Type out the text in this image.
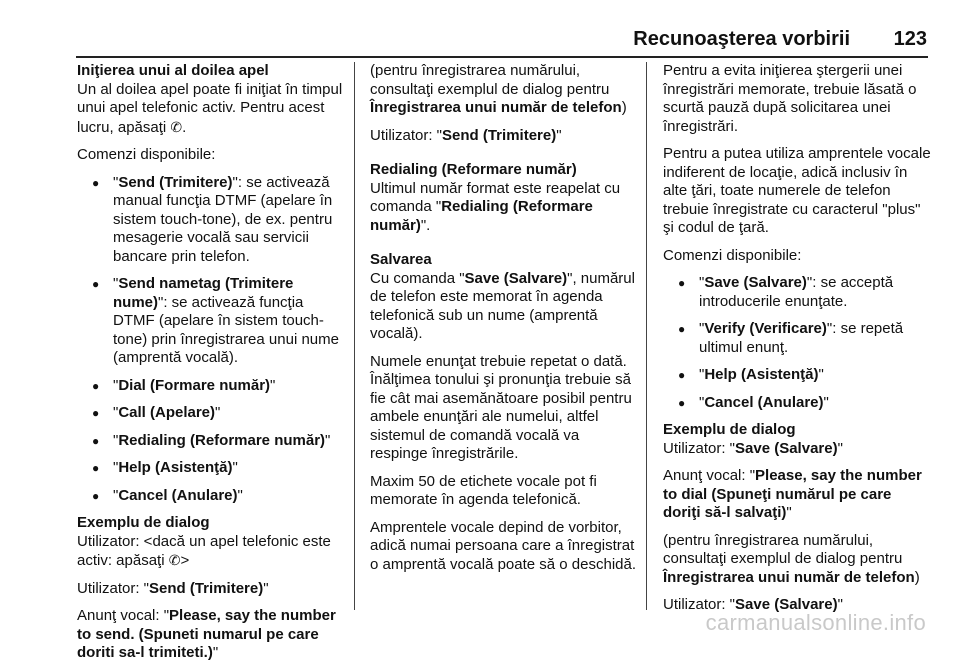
Recunoaşterea vorbirii 123
Iniţierea unui al doilea apel

Un al doilea apel poate fi iniţiat în timpul unui apel telefonic activ. Pentru acest lucru, apăsaţi ✆.

Comenzi disponibile:

● "Send (Trimitere)": se activează manual funcţia DTMF (apelare în sistem touch-tone), de ex. pentru mesagerie vocală sau servicii bancare prin telefon.
● "Send nametag (Trimitere nume)": se activează funcţia DTMF (apelare în sistem touch-tone) prin înregistrarea unui nume (amprentă vocală).
● "Dial (Formare număr)"
● "Call (Apelare)"
● "Redialing (Reformare număr)"
● "Help (Asistenţă)"
● "Cancel (Anulare)"
Exemplu de dialog

Utilizator: <dacă un apel telefonic este activ: apăsaţi ✆>

Utilizator: "Send (Trimitere)"

Anunţ vocal: "Please, say the number to send. (Spuneti numarul pe care doriti sa-l trimiteti.)"

(pentru înregistrarea numărului, consultaţi exemplul de dialog pentru Înregistrarea unui număr de telefon)

Utilizator: "Send (Trimitere)"

Redialing (Reformare număr)

Ultimul număr format este reapelat cu comanda "Redialing (Reformare număr)".

Salvarea

Cu comanda "Save (Salvare)", numărul de telefon este memorat în agenda telefonică sub un nume (amprentă vocală).

Numele enunţat trebuie repetat o dată. Înălţimea tonului şi pronunţia trebuie să fie cât mai asemănătoare posibil pentru ambele enunţări ale numelui, altfel sistemul de comandă vocală va respinge înregistrările.

Maxim 50 de etichete vocale pot fi memorate în agenda telefonică.

Amprentele vocale depind de vorbitor, adică numai persoana care a înregistrat o amprentă vocală poate să o deschidă.

Pentru a evita iniţierea ştergerii unei înregistrări memorate, trebuie lăsată o scurtă pauză după solicitarea unei înregistrări.

Pentru a putea utiliza amprentele vocale indiferent de locaţie, adică inclusiv în alte ţări, toate numerele de telefon trebuie înregistrate cu caracterul "plus" şi codul de ţară.

Comenzi disponibile:

● "Save (Salvare)": se acceptă introducerile enunţate.
● "Verify (Verificare)": se repetă ultimul enunţ.
● "Help (Asistenţă)"
● "Cancel (Anulare)"
Exemplu de dialog

Utilizator: "Save (Salvare)"

Anunţ vocal: "Please, say the number to dial (Spuneţi numărul pe care doriţi să-l salvaţi)"

(pentru înregistrarea numărului, consultaţi exemplul de dialog pentru Înregistrarea unui număr de telefon)

Utilizator: "Save (Salvare)"

carmanualsonline.info
